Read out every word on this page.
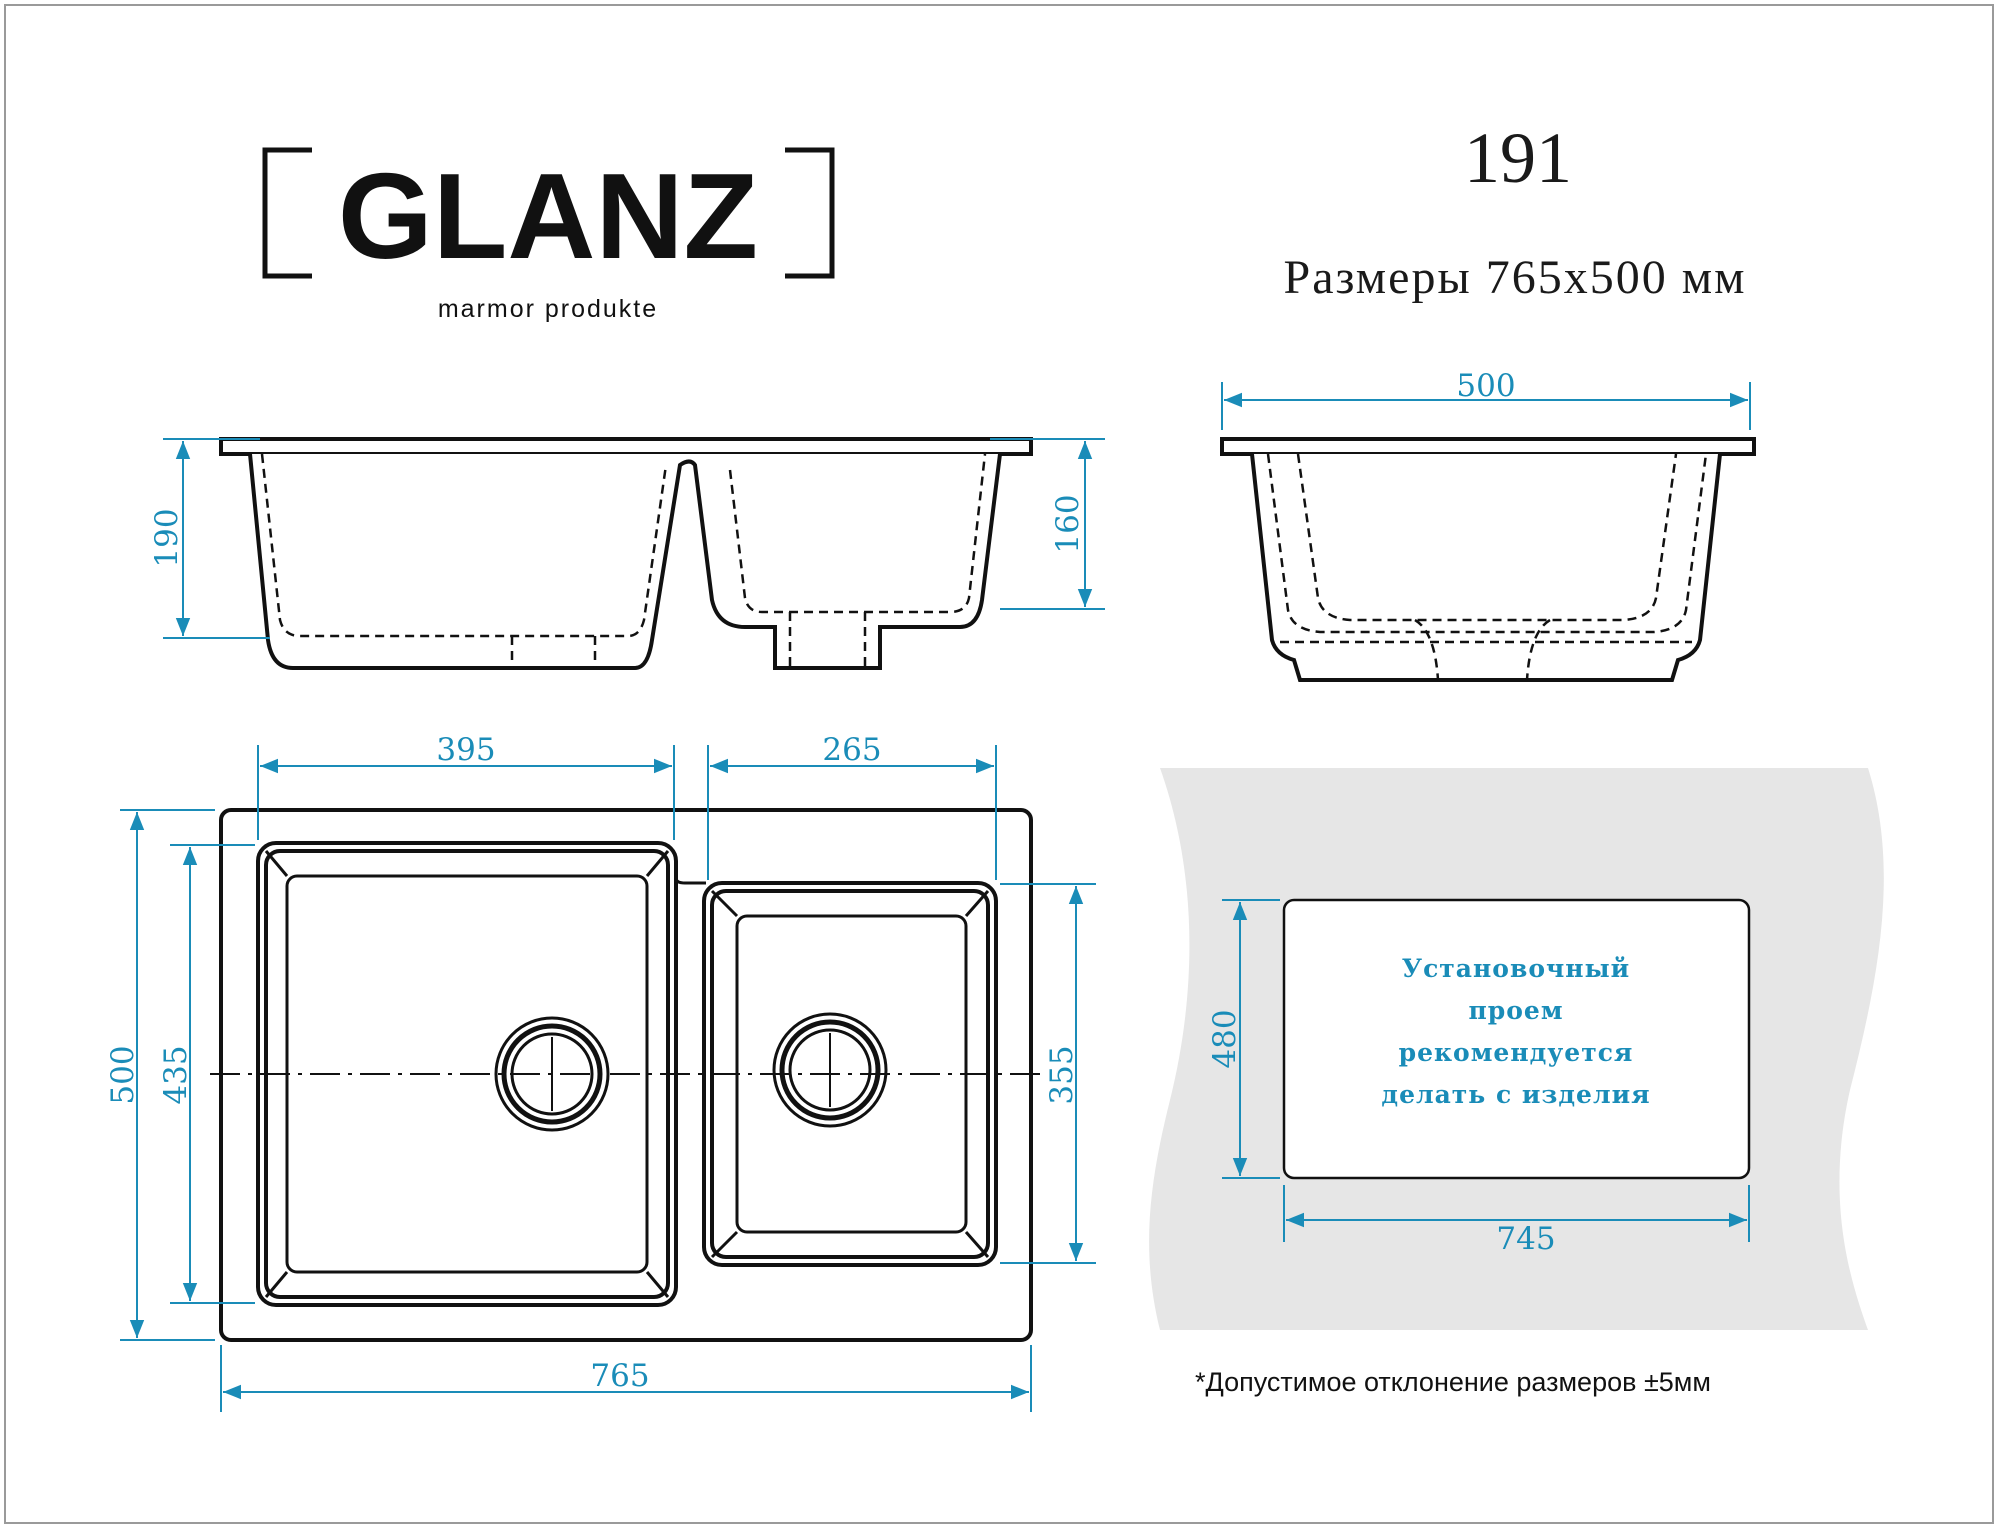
GLANZ
marmor produkte
191
Размеры 765х500 мм
190	160
500
395	265
500 435	355
765
Установочный
проем
рекомендуется
делать с изделия
480
745
*Допустимое отклонение размеров ±5мм
